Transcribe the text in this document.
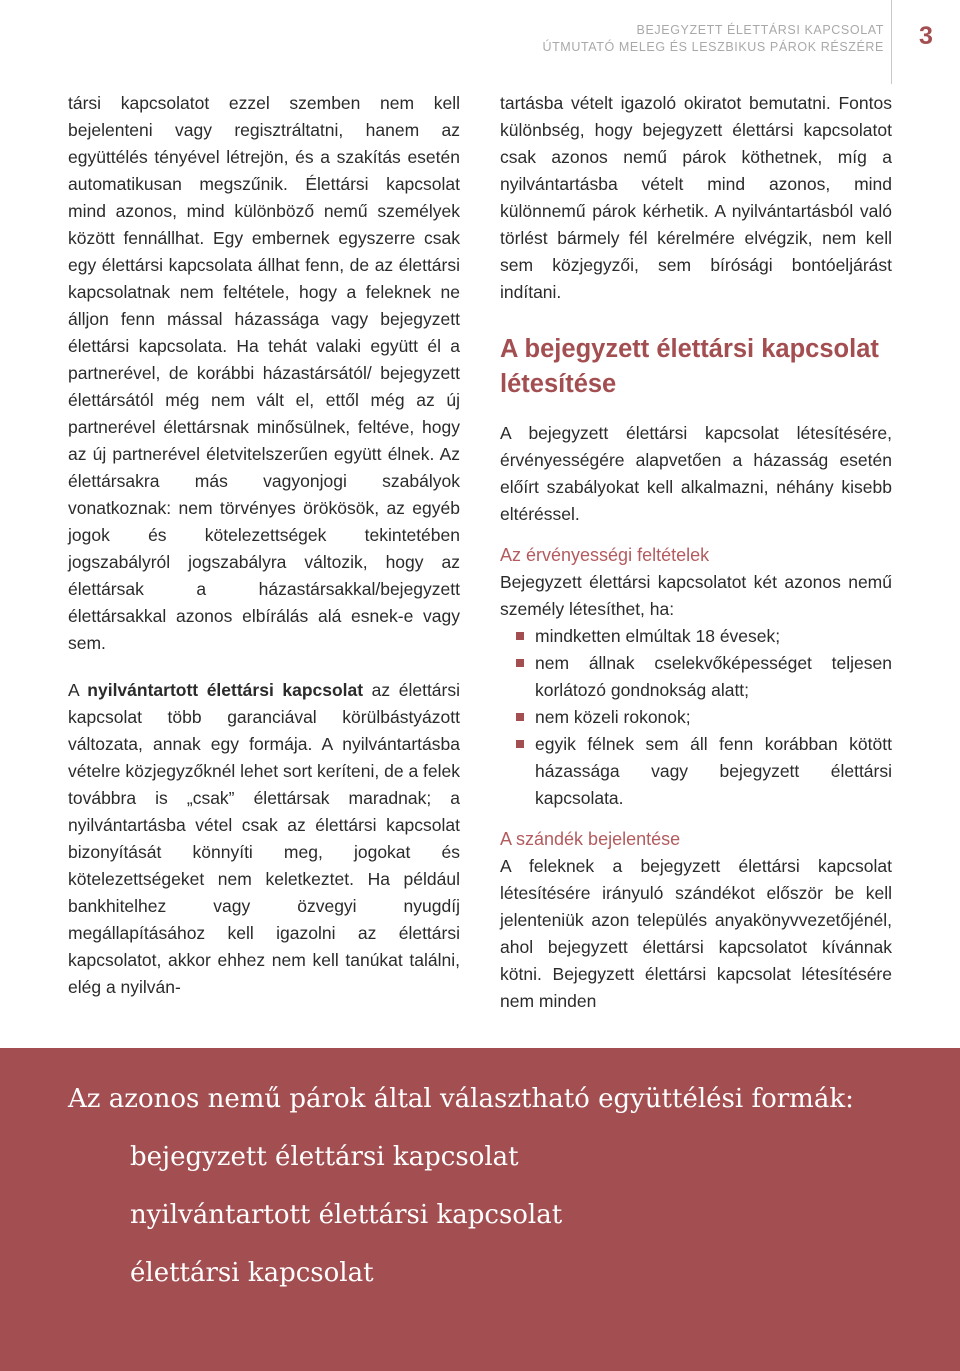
BEJEGYZETT ÉLETTÁRSI KAPCSOLAT
ÚTMUTATÓ MELEG ÉS LESZBIKUS PÁROK RÉSZÉRE	3

társi kapcsolatot ezzel szemben nem kell bejelenteni vagy regisztráltatni, hanem az együttélés tényével létrejön, és a szakítás esetén automatikusan megszűnik. Élettársi kapcsolat mind azonos, mind különböző nemű személyek között fennállhat. Egy embernek egyszerre csak egy élettársi kapcsolata állhat fenn, de az élettársi kapcsolatnak nem feltétele, hogy a feleknek ne álljon fenn mással házassága vagy bejegyzett élettársi kapcsolata. Ha tehát valaki együtt él a partnerével, de korábbi házastársától/ bejegyzett élettársától még nem vált el, ettől még az új partnerével élettársnak minősülnek, feltéve, hogy az új partnerével életvitelszerűen együtt élnek. Az élettársakra más vagyonjogi szabályok vonatkoznak: nem törvényes örökösök, az egyéb jogok és kötelezettségek tekintetében jogszabályról jogszabályra változik, hogy az élettársak a házastársakkal/bejegyzett élettársakkal azonos elbírálás alá esnek-e vagy sem.

A nyilvántartott élettársi kapcsolat az élettársi kapcsolat több garanciával körülbástyázott változata, annak egy formája. A nyilvántartásba vételre közjegyzőknél lehet sort keríteni, de a felek továbbra is „csak” élettársak maradnak; a nyilvántartásba vétel csak az élettársi kapcsolat bizonyítását könnyíti meg, jogokat és kötelezettségeket nem keletkeztet. Ha például bankhitelhez vagy özvegyi nyugdíj megállapításához kell igazolni az élettársi kapcsolatot, akkor ehhez nem kell tanúkat találni, elég a nyilván-

tartásba vételt igazoló okiratot bemutatni. Fontos különbség, hogy bejegyzett élettársi kapcsolatot csak azonos nemű párok köthetnek, míg a nyilvántartásba vételt mind azonos, mind különnemű párok kérhetik. A nyilvántartásból való törlést bármely fél kérelmére elvégzik, nem kell sem közjegyzői, sem bírósági bontóeljárást indítani.

A bejegyzett élettársi kapcsolat létesítése

A bejegyzett élettársi kapcsolat létesítésére, érvényességére alapvetően a házasság esetén előírt szabályokat kell alkalmazni, néhány kisebb eltéréssel.

Az érvényességi feltételek

Bejegyzett élettársi kapcsolatot két azonos nemű személy létesíthet, ha:

mindketten elmúltak 18 évesek;
nem állnak cselekvőképességet teljesen korlátozó gondnokság alatt;
nem közeli rokonok;
egyik félnek sem áll fenn korábban kötött házassága vagy bejegyzett élettársi kapcsolata.
A szándék bejelentése

A feleknek a bejegyzett élettársi kapcsolat létesítésére irányuló szándékot először be kell jelenteniük azon település anyakönyvvezetőjénél, ahol bejegyzett élettársi kapcsolatot kívánnak kötni. Bejegyzett élettársi kapcsolat létesítésére nem minden

Az azonos nemű párok által választható együttélési formák:
bejegyzett élettársi kapcsolat
nyilvántartott élettársi kapcsolat
élettársi kapcsolat
